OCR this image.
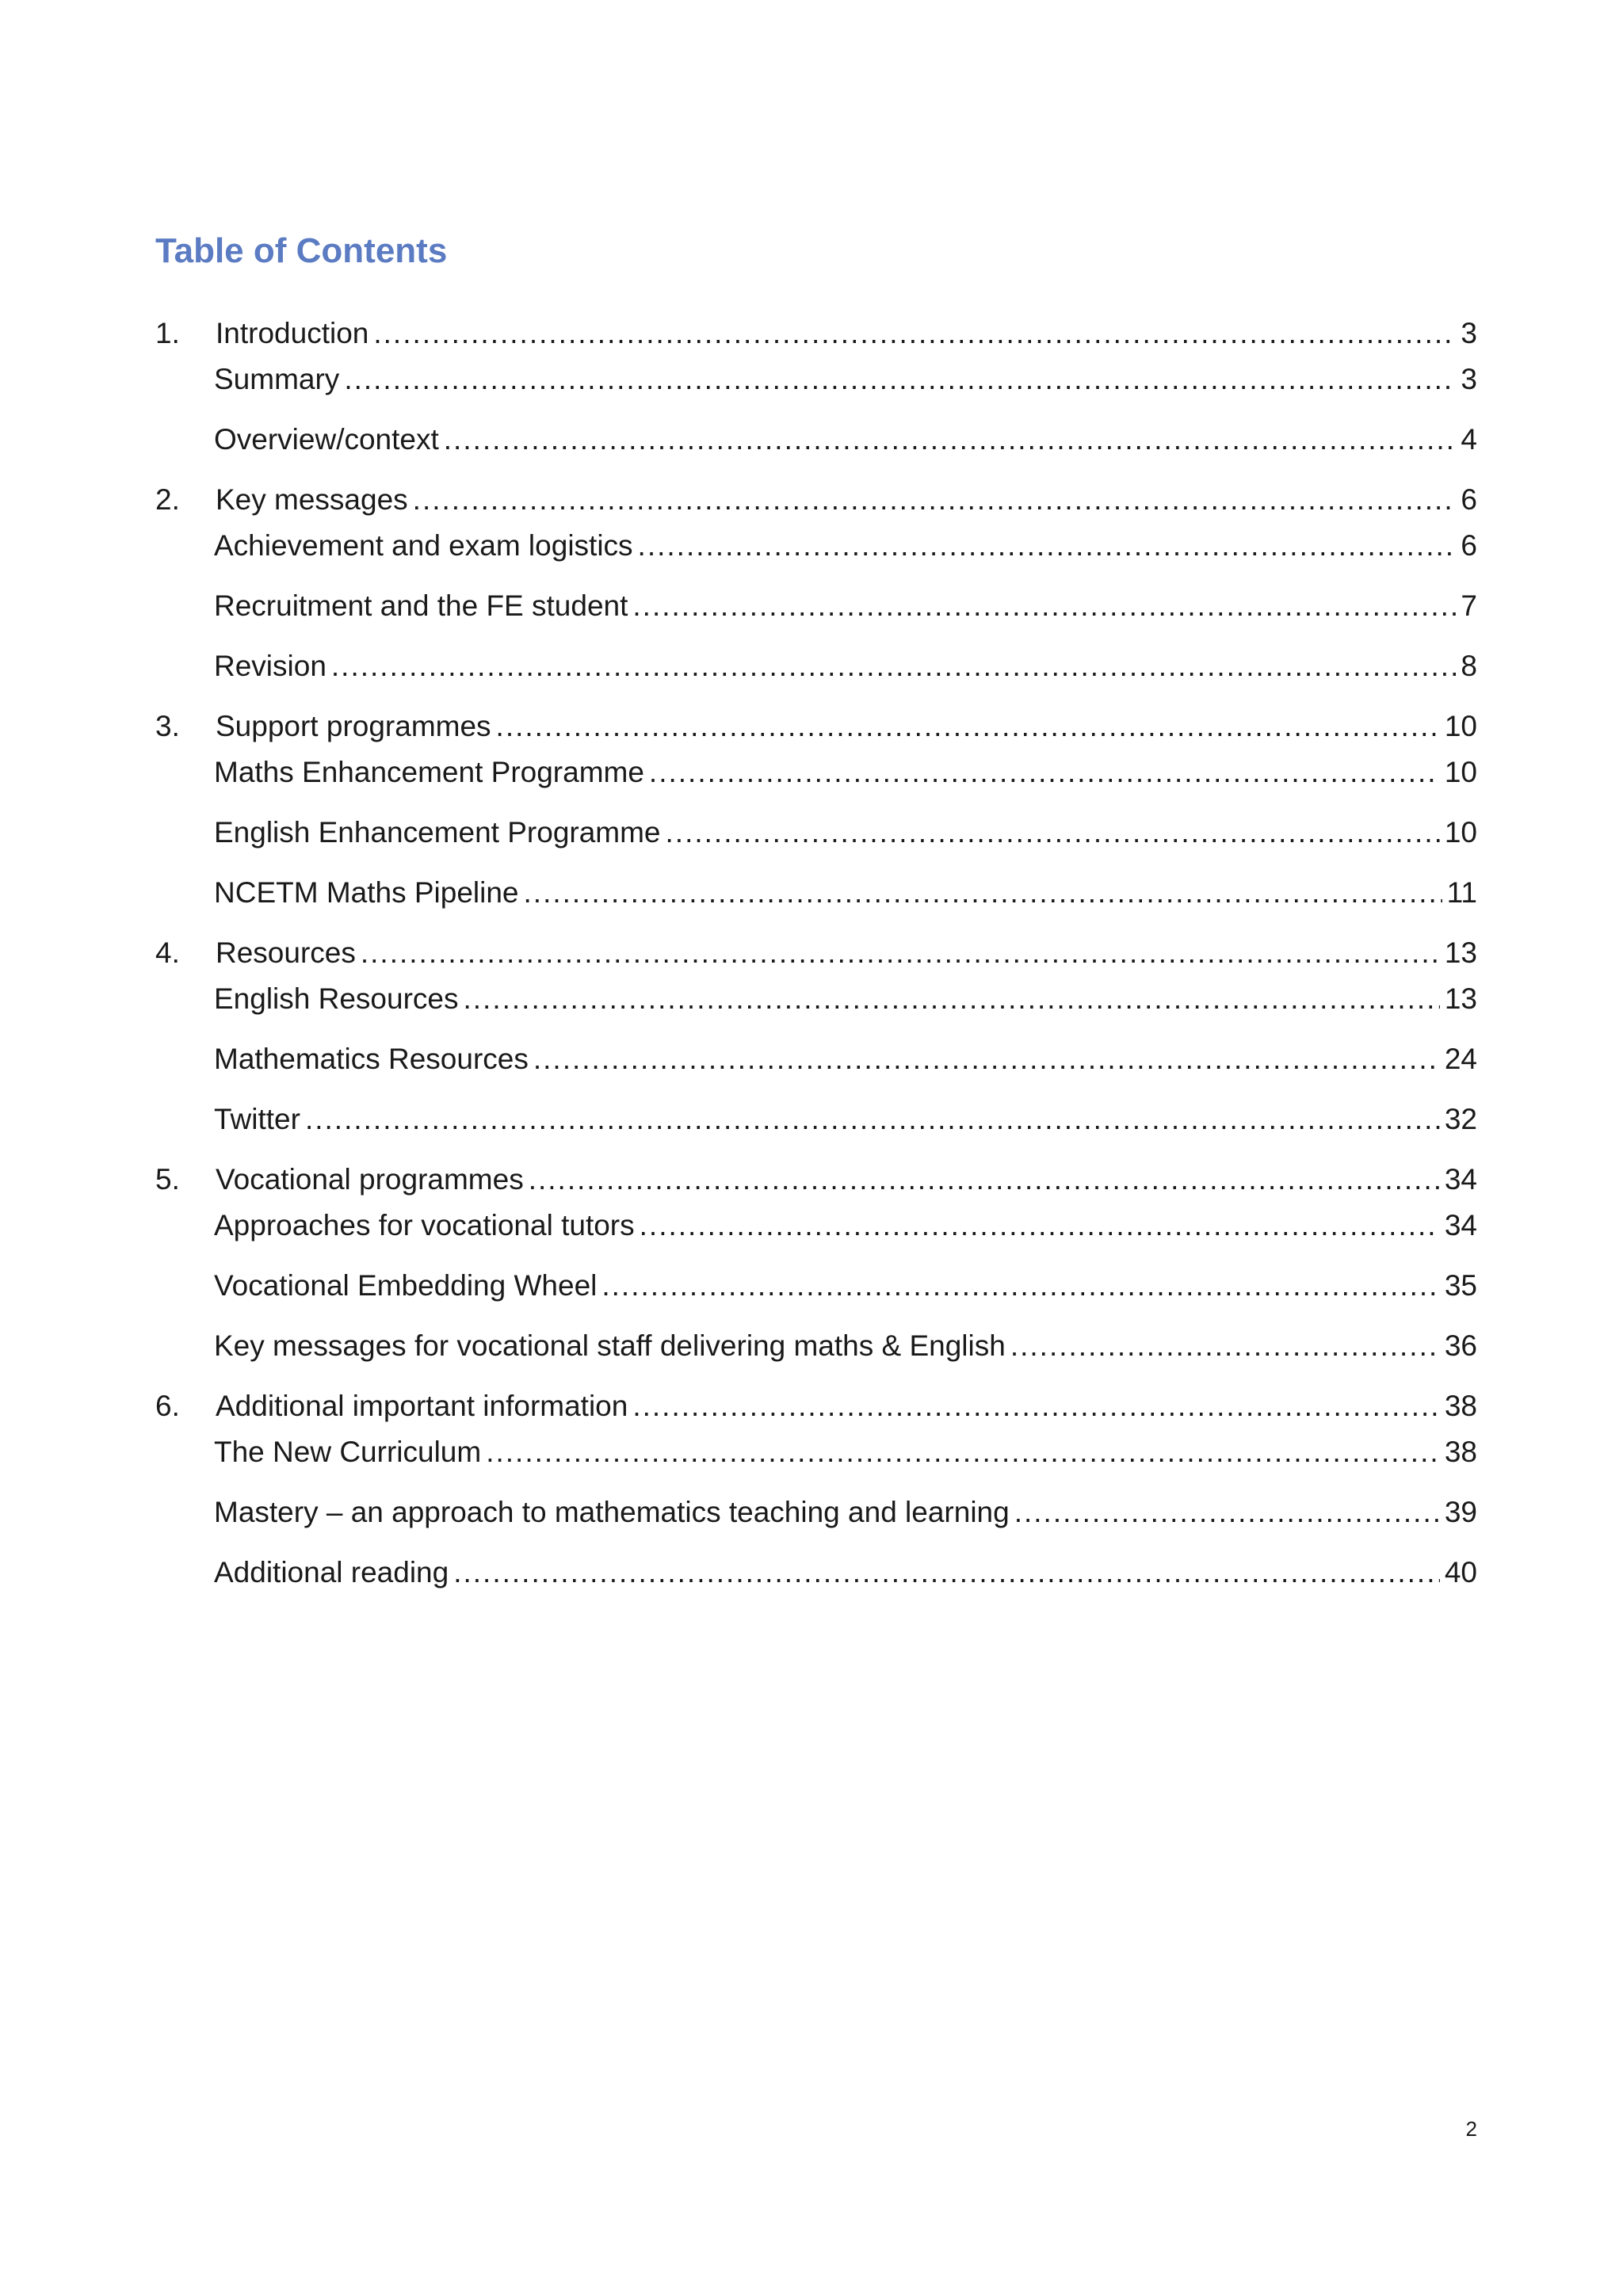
Table of Contents
1.	Introduction .....	3
Summary .....	3
Overview/context .....	4
2.	Key messages .....	6
Achievement and exam logistics .....	6
Recruitment and the FE student .....	7
Revision .....	8
3.	Support programmes .....	10
Maths Enhancement Programme .....	10
English Enhancement Programme .....	10
NCETM Maths Pipeline .....	11
4.	Resources .....	13
English Resources .....	13
Mathematics Resources .....	24
Twitter .....	32
5.	Vocational programmes .....	34
Approaches for vocational tutors .....	34
Vocational Embedding Wheel .....	35
Key messages for vocational staff delivering maths & English .....	36
6.	Additional important information .....	38
The New Curriculum .....	38
Mastery – an approach to mathematics teaching and learning .....	39
Additional reading .....	40
2
